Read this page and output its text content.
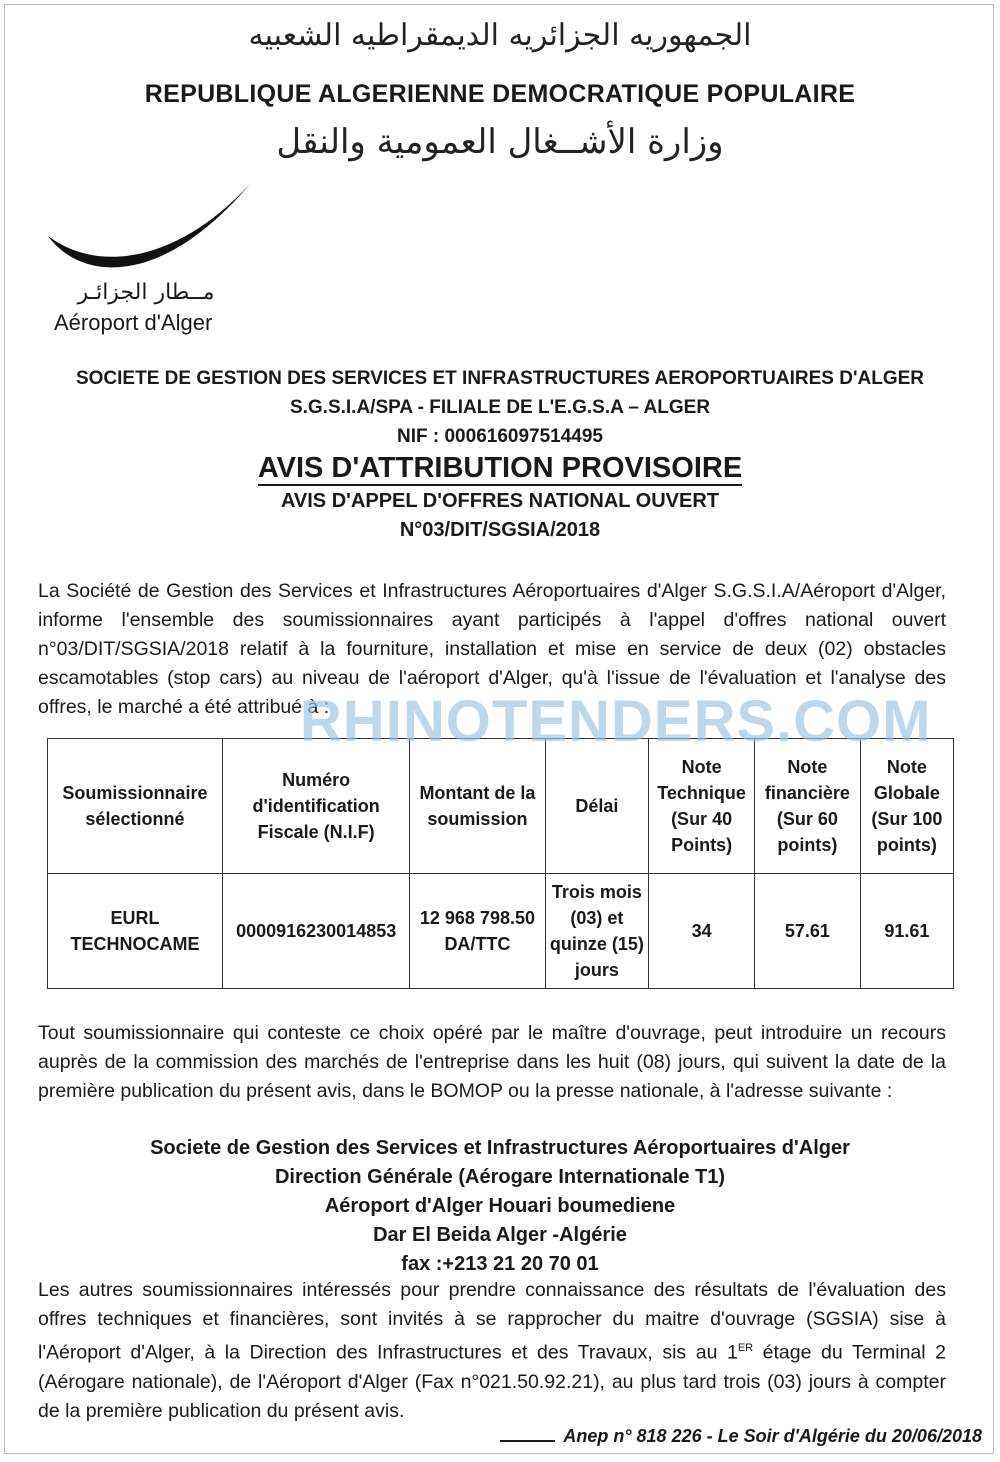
الجمهوريه الجزائريه الديمقراطيه الشعبيه
REPUBLIQUE ALGERIENNE DEMOCRATIQUE POPULAIRE
وزارة الأشــغال العمومية والنقل
مــطار الجزائـر
Aéroport d'Alger
SOCIETE DE GESTION DES SERVICES ET INFRASTRUCTURES AEROPORTUAIRES D'ALGER
S.G.S.I.A/SPA - FILIALE DE L'E.G.S.A – ALGER
NIF : 000616097514495
AVIS D'ATTRIBUTION PROVISOIRE
AVIS D'APPEL D'OFFRES NATIONAL OUVERT
N°03/DIT/SGSIA/2018
La Société de Gestion des Services et Infrastructures Aéroportuaires d'Alger S.G.S.I.A/Aéroport d'Alger, informe l'ensemble des soumissionnaires ayant participés à l'appel d'offres national ouvert n°03/DIT/SGSIA/2018 relatif à la fourniture, installation et mise en service de deux (02) obstacles escamotables (stop cars) au niveau de l'aéroport d'Alger, qu'à l'issue de l'évaluation et l'analyse des offres, le marché a été attribué à :
Soumissionnaire sélectionné	Numéro d'identification Fiscale (N.I.F)	Montant de la soumission	Délai	Note Technique (Sur 40 Points)	Note financière (Sur 60 points)	Note Globale (Sur 100 points)
EURL TECHNOCAME	0000916230014853	12 968 798.50 DA/TTC	Trois mois (03) et quinze (15) jours	34	57.61	91.61
RHINOTENDERS.COM
Tout soumissionnaire qui conteste ce choix opéré par le maître d'ouvrage, peut introduire un recours auprès de la commission des marchés de l'entreprise dans les huit (08) jours, qui suivent la date de la première publication du présent avis, dans le BOMOP ou la presse nationale, à l'adresse suivante :
Societe de Gestion des Services et Infrastructures Aéroportuaires d'Alger
Direction Générale (Aérogare Internationale T1)
Aéroport d'Alger Houari boumediene
Dar El Beida Alger -Algérie
fax :+213 21 20 70 01
Les autres soumissionnaires intéressés pour prendre connaissance des résultats de l'évaluation des offres techniques et financières, sont invités à se rapprocher du maitre d'ouvrage (SGSIA) sise à l'Aéroport d'Alger, à la Direction des Infrastructures et des Travaux, sis au 1ER étage du Terminal 2 (Aérogare nationale), de l'Aéroport d'Alger (Fax n°021.50.92.21), au plus tard trois (03) jours à compter de la première publication du présent avis.
Anep n° 818 226 - Le Soir d'Algérie du 20/06/2018
